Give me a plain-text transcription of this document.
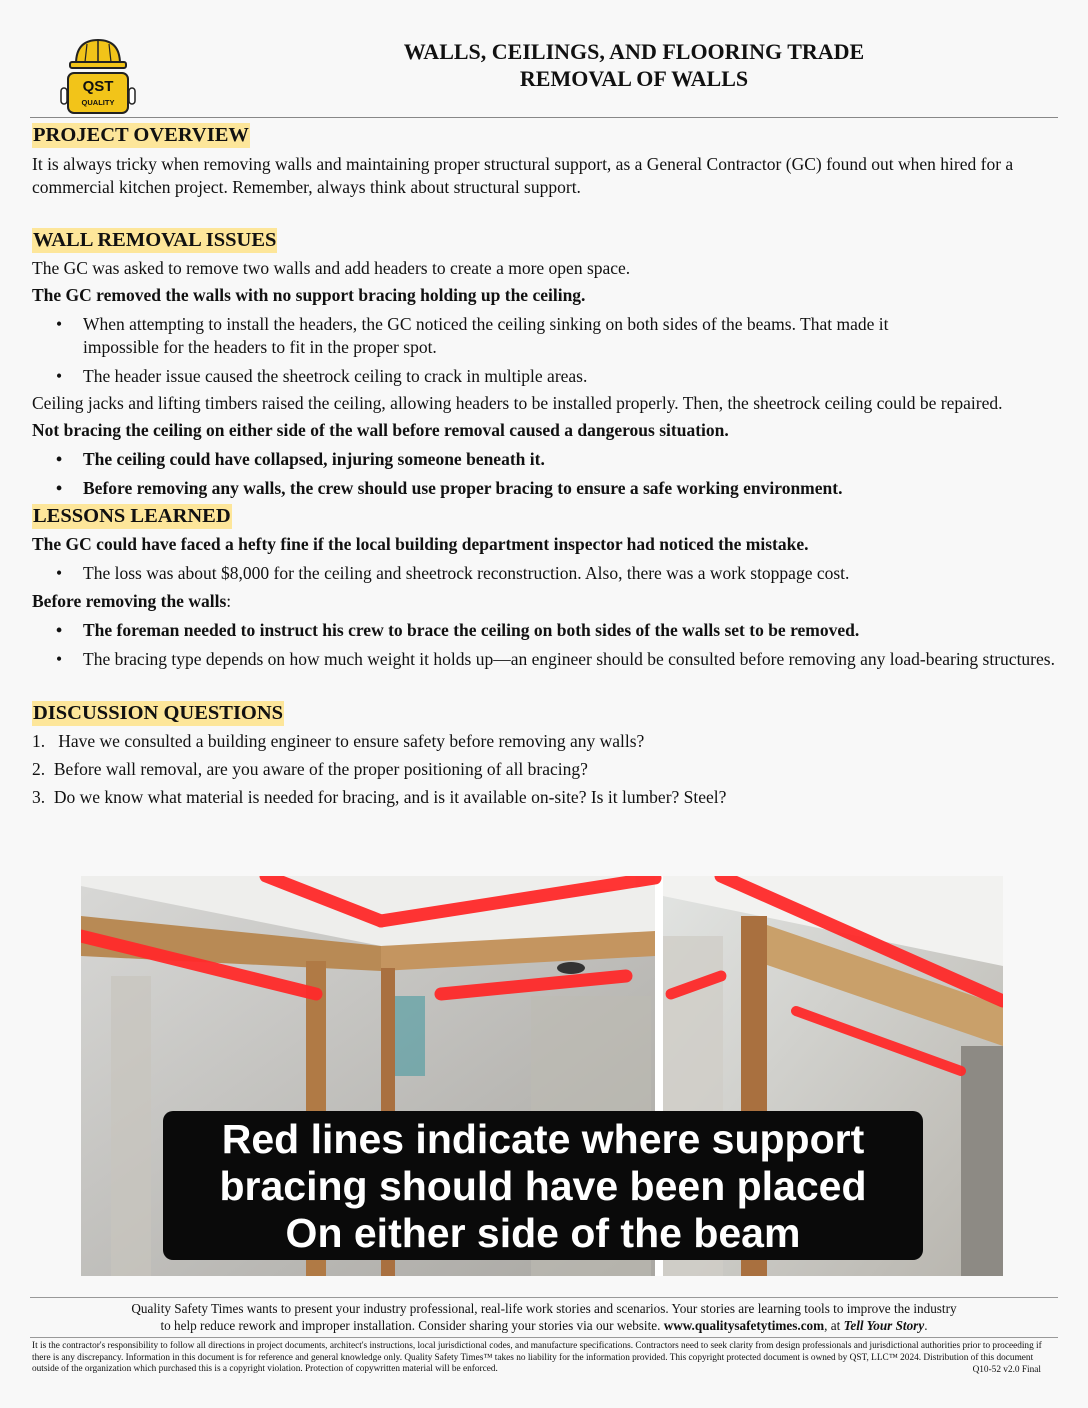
QST
QUALITY
WALLS, CEILINGS, AND FLOORING TRADE
REMOVAL OF WALLS
PROJECT OVERVIEW

It is always tricky when removing walls and maintaining proper structural support, as a General Contractor (GC) found out when hired for a commercial kitchen project. Remember, always think about structural support.

WALL REMOVAL ISSUES

The GC was asked to remove two walls and add headers to create a more open space.

The GC removed the walls with no support bracing holding up the ceiling.

• When attempting to install the headers, the GC noticed the ceiling sinking on both sides of the beams. That made it impossible for the headers to fit in the proper spot.
• The header issue caused the sheetrock ceiling to crack in multiple areas.

Ceiling jacks and lifting timbers raised the ceiling, allowing headers to be installed properly. Then, the sheetrock ceiling could be repaired.

Not bracing the ceiling on either side of the wall before removal caused a dangerous situation.

• The ceiling could have collapsed, injuring someone beneath it.
• Before removing any walls, the crew should use proper bracing to ensure a safe working environment.
LESSONS LEARNED

The GC could have faced a hefty fine if the local building department inspector had noticed the mistake.

• The loss was about $8,000 for the ceiling and sheetrock reconstruction. Also, there was a work stoppage cost.

Before removing the walls:

• The foreman needed to instruct his crew to brace the ceiling on both sides of the walls set to be removed.
• The bracing type depends on how much weight it holds up—an engineer should be consulted before removing any load-bearing structures.
DISCUSSION QUESTIONS
1.   Have we consulted a building engineer to ensure safety before removing any walls?
2.  Before wall removal, are you aware of the proper positioning of all bracing?
3.  Do we know what material is needed for bracing, and is it available on-site? Is it lumber? Steel?
Red lines indicate where support
bracing should have been placed
On either side of the beam
Quality Safety Times wants to present your industry professional, real-life work stories and scenarios. Your stories are learning tools to improve the industry
to help reduce rework and improper installation. Consider sharing your stories via our website. www.qualitysafetytimes.com, at Tell Your Story.
It is the contractor's responsibility to follow all directions in project documents, architect's instructions, local jurisdictional codes, and manufacture specifications. Contractors need to seek clarity from design professionals and jurisdictional authorities prior to proceeding if there is any discrepancy. Information in this document is for reference and general knowledge only. Quality Safety Times™ takes no liability for the information provided. This copyright protected document is owned by QST, LLC™ 2024. Distribution of this document outside of the organization which purchased this is a copyright violation. Protection of copywritten material will be enforced.	Q10-52 v2.0 Final
